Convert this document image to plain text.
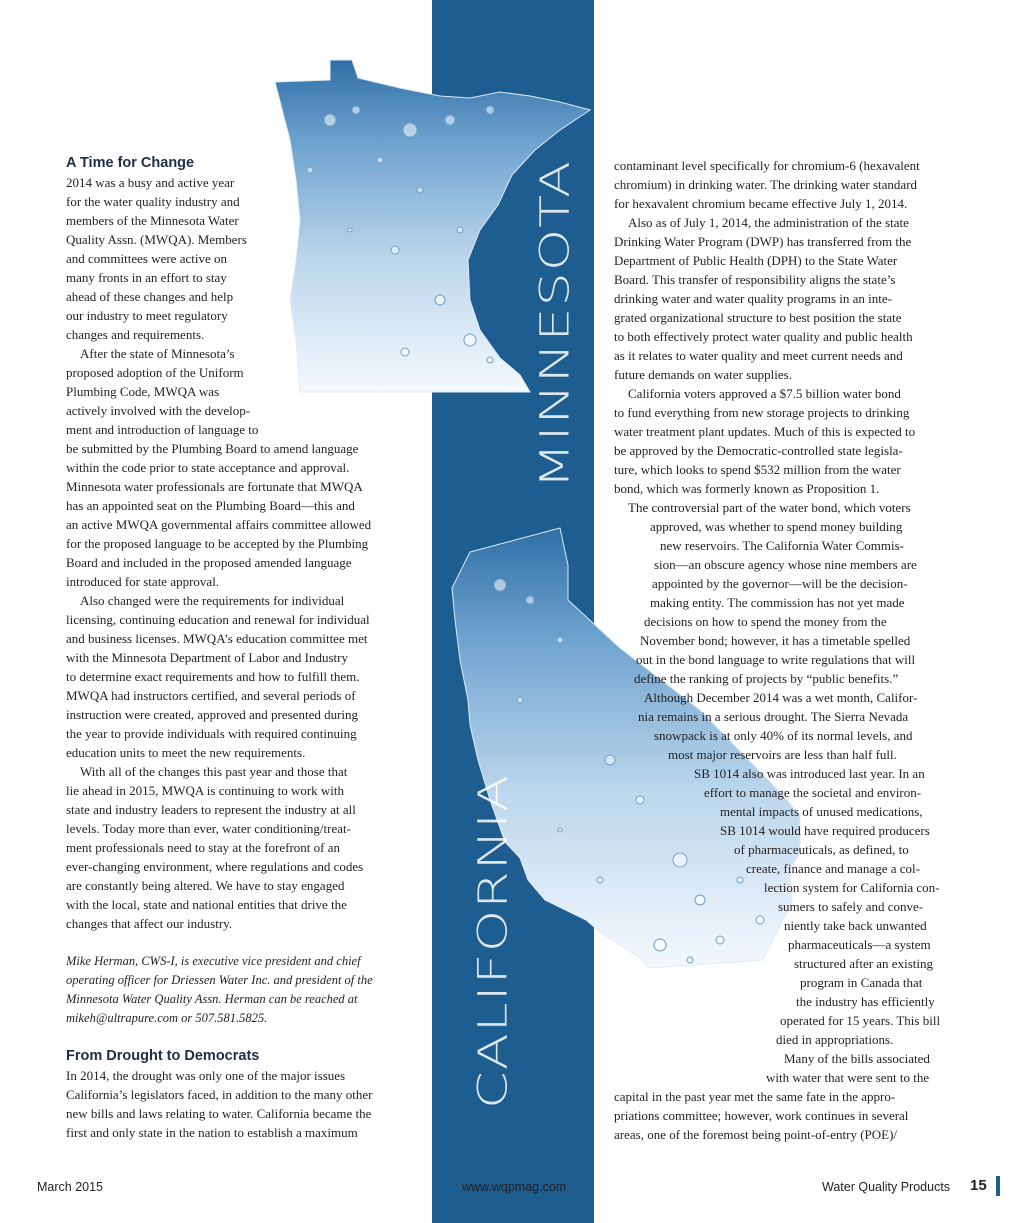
MINNESOTA
CALIFORNIA
A Time for Change
2014 was a busy and active year
for the water quality industry and
members of the Minnesota Water
Quality Assn. (MWQA). Members
and committees were active on
many fronts in an effort to stay
ahead of these changes and help
our industry to meet regulatory
changes and requirements.
After the state of Minnesota’s
proposed adoption of the Uniform
Plumbing Code, MWQA was
actively involved with the develop-
ment and introduction of language to
be submitted by the Plumbing Board to amend language
within the code prior to state acceptance and approval.
Minnesota water professionals are fortunate that MWQA
has an appointed seat on the Plumbing Board—this and
an active MWQA governmental affairs committee allowed
for the proposed language to be accepted by the Plumbing
Board and included in the proposed amended language
introduced for state approval.
Also changed were the requirements for individual
licensing, continuing education and renewal for individual
and business licenses. MWQA’s education committee met
with the Minnesota Department of Labor and Industry
to determine exact requirements and how to fulfill them.
MWQA had instructors certified, and several periods of
instruction were created, approved and presented during
the year to provide individuals with required continuing
education units to meet the new requirements.
With all of the changes this past year and those that
lie ahead in 2015, MWQA is continuing to work with
state and industry leaders to represent the industry at all
levels. Today more than ever, water conditioning/treat-
ment professionals need to stay at the forefront of an
ever-changing environment, where regulations and codes
are constantly being altered. We have to stay engaged
with the local, state and national entities that drive the
changes that affect our industry.
Mike Herman, CWS-I, is executive vice president and chief
operating officer for Driessen Water Inc. and president of the
Minnesota Water Quality Assn. Herman can be reached at
mikeh@ultrapure.com or 507.581.5825.
From Drought to Democrats
In 2014, the drought was only one of the major issues
California’s legislators faced, in addition to the many other
new bills and laws relating to water. California became the
first and only state in the nation to establish a maximum
contaminant level specifically for chromium-6 (hexavalent
chromium) in drinking water. The drinking water standard
for hexavalent chromium became effective July 1, 2014.
Also as of July 1, 2014, the administration of the state
Drinking Water Program (DWP) has transferred from the
Department of Public Health (DPH) to the State Water
Board. This transfer of responsibility aligns the state’s
drinking water and water quality programs in an inte-
grated organizational structure to best position the state
to both effectively protect water quality and public health
as it relates to water quality and meet current needs and
future demands on water supplies.
California voters approved a $7.5 billion water bond
to fund everything from new storage projects to drinking
water treatment plant updates. Much of this is expected to
be approved by the Democratic-controlled state legisla-
ture, which looks to spend $532 million from the water
bond, which was formerly known as Proposition 1.
The controversial part of the water bond, which voters
approved, was whether to spend money building
new reservoirs. The California Water Commis-
sion—an obscure agency whose nine members are
appointed by the governor—will be the decision-
making entity. The commission has not yet made
decisions on how to spend the money from the
November bond; however, it has a timetable spelled
out in the bond language to write regulations that will
define the ranking of projects by “public benefits.”
Although December 2014 was a wet month, Califor-
nia remains in a serious drought. The Sierra Nevada
snowpack is at only 40% of its normal levels, and
most major reservoirs are less than half full.
SB 1014 also was introduced last year. In an
effort to manage the societal and environ-
mental impacts of unused medications,
SB 1014 would have required producers
of pharmaceuticals, as defined, to
create, finance and manage a col-
lection system for California con-
sumers to safely and conve-
niently take back unwanted
pharmaceuticals—a system
structured after an existing
program in Canada that
the industry has efficiently
operated for 15 years. This bill
died in appropriations.
Many of the bills associated
with water that were sent to the
capital in the past year met the same fate in the appro-
priations committee; however, work continues in several
areas, one of the foremost being point-of-entry (POE)/
March 2015	www.wqpmag.com	Water Quality Products 15
